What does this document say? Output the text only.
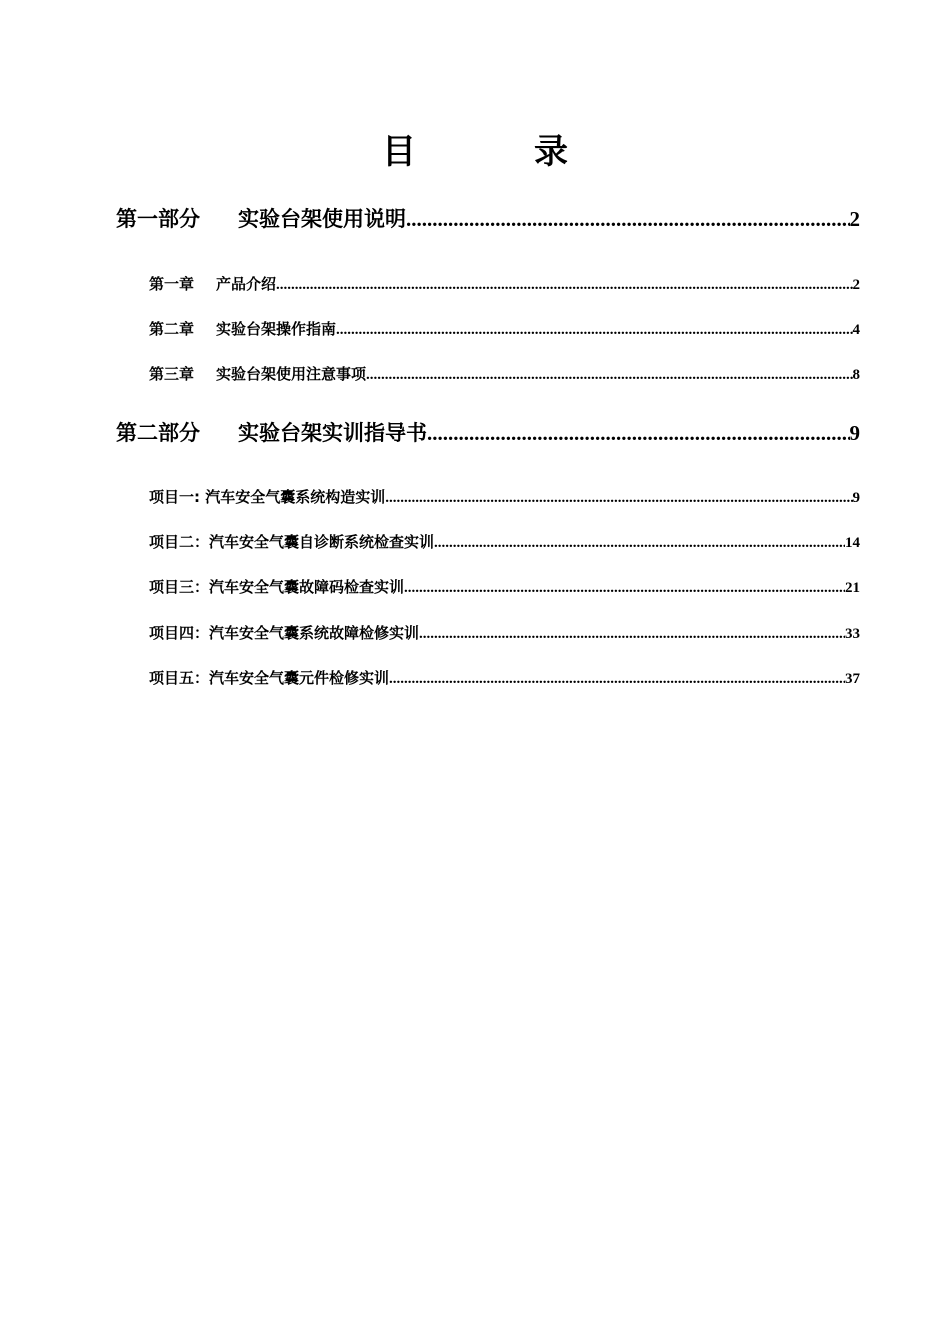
目	录
第一部分 实验台架使用说明 .....	2
第一章 产品介绍 .....	2
第二章 实验台架操作指南 .....	4
第三章 实验台架使用注意事项 .....	8
第二部分 实验台架实训指导书 .....	9
项目一: 汽车安全气囊系统构造实训 .....	9
项目二：汽车安全气囊自诊断系统检查实训 .....	14
项目三：汽车安全气囊故障码检查实训 .....	21
项目四：汽车安全气囊系统故障检修实训 .....	33
项目五：汽车安全气囊元件检修实训 .....	37
